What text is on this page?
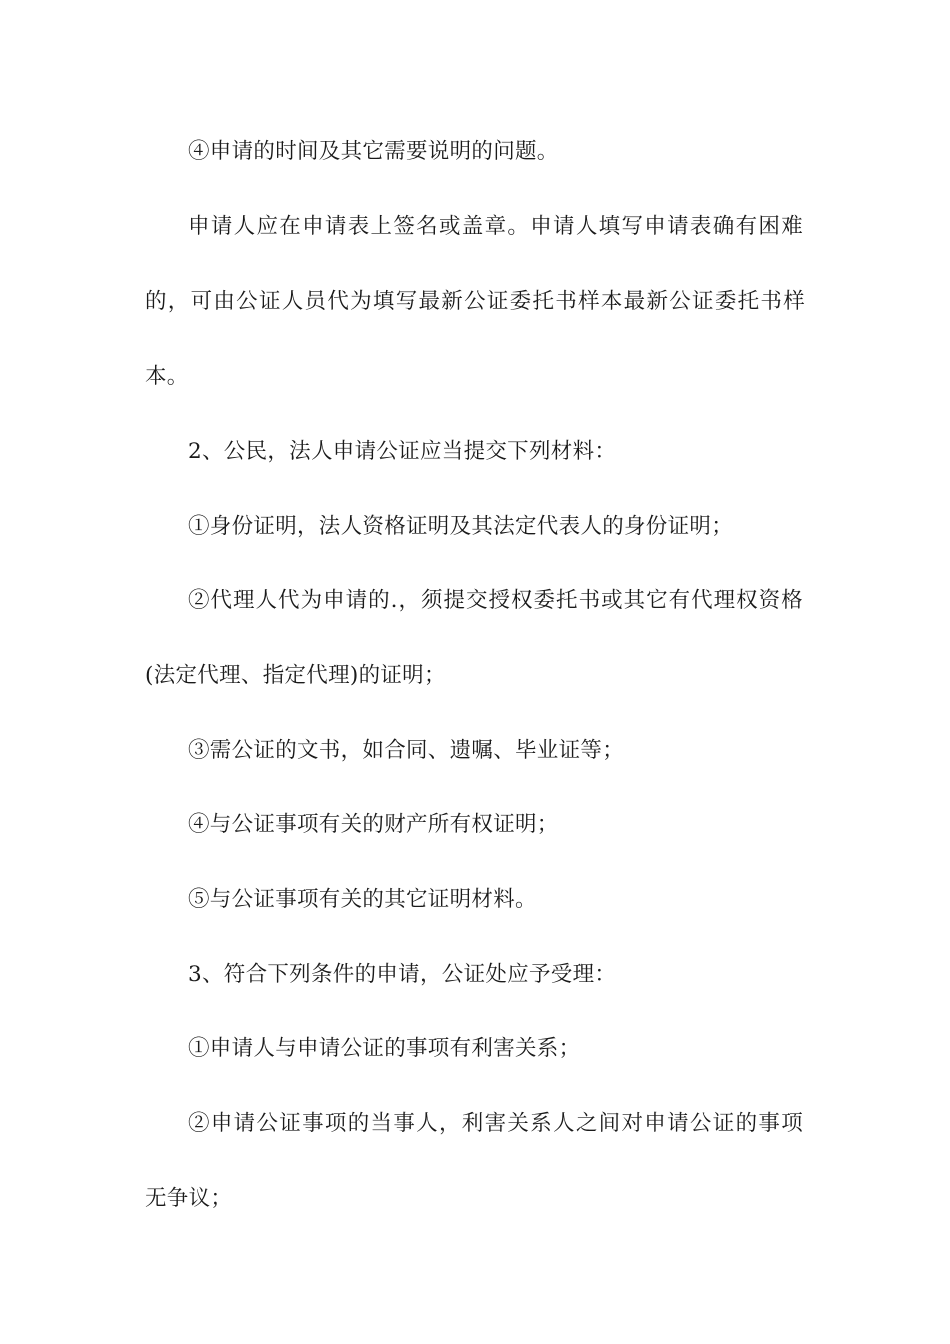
④申请的时间及其它需要说明的问题。
申请人应在申请表上签名或盖章。申请人填写申请表确有困难
的，可由公证人员代为填写最新公证委托书样本最新公证委托书样
本。
2、公民，法人申请公证应当提交下列材料：
①身份证明，法人资格证明及其法定代表人的身份证明；
②代理人代为申请的.，须提交授权委托书或其它有代理权资格
(法定代理、指定代理)的证明；
③需公证的文书，如合同、遗嘱、毕业证等；
④与公证事项有关的财产所有权证明；
⑤与公证事项有关的其它证明材料。
3、符合下列条件的申请，公证处应予受理：
①申请人与申请公证的事项有利害关系；
②申请公证事项的当事人，利害关系人之间对申请公证的事项
无争议；
